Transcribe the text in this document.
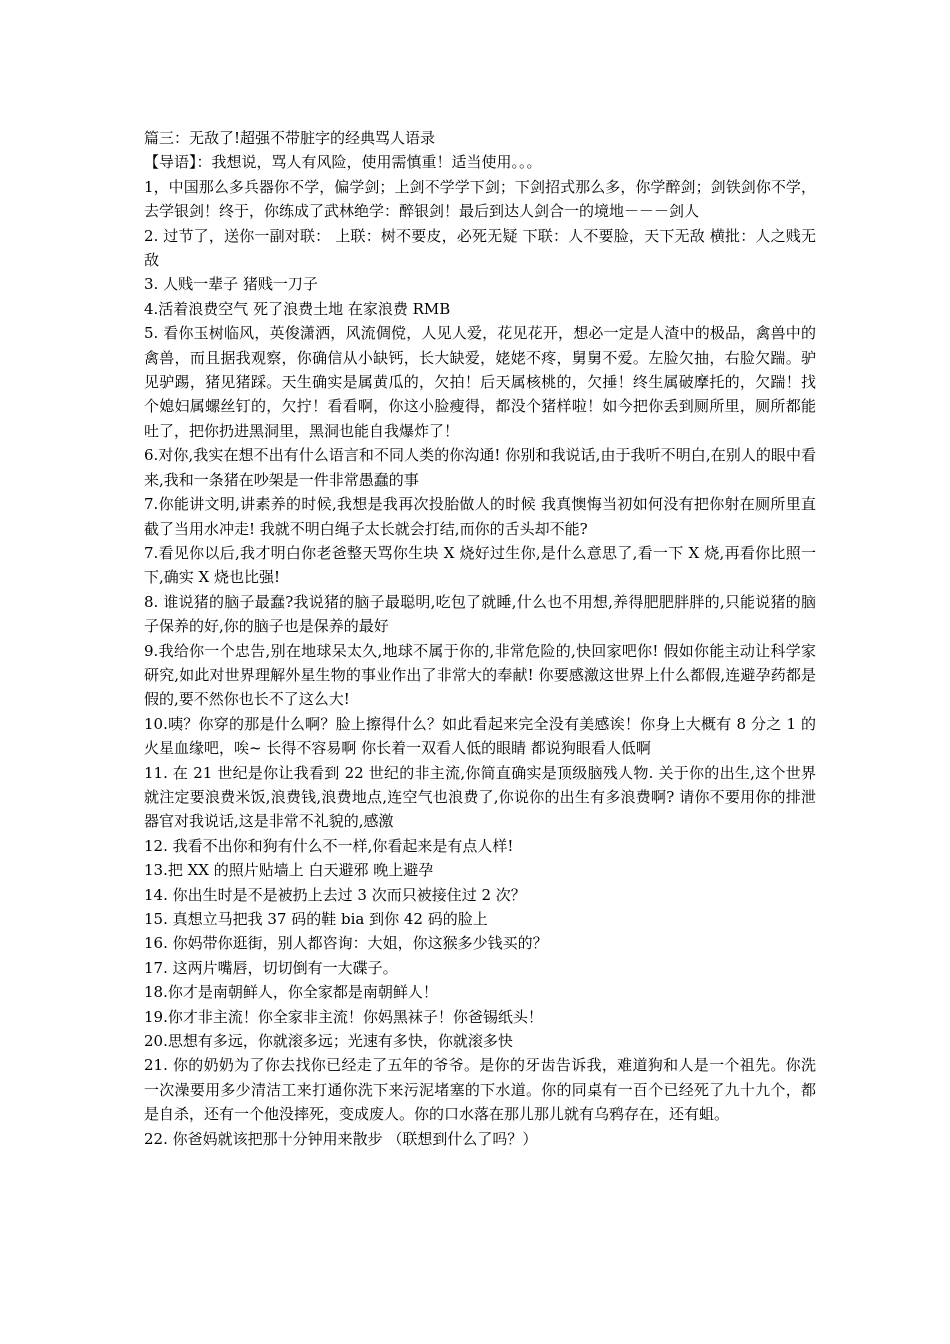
篇三：无敌了!超强不带脏字的经典骂人语录

【导语】：我想说，骂人有风险，使用需慎重！适当使用。。。

1，中国那么多兵器你不学，偏学剑；上剑不学学下剑；下剑招式那么多，你学醉剑；剑铁剑你不学，去学银剑！终于，你练成了武林绝学：醉银剑！最后到达人剑合一的境地－－－剑人

2. 过节了，送你一副对联： 上联：树不要皮，必死无疑 下联：人不要脸，天下无敌 横批：人之贱无敌

3. 人贱一辈子 猪贱一刀子

4.活着浪费空气 死了浪费土地 在家浪费 RMB

5. 看你玉树临风，英俊潇洒，风流倜傥，人见人爱，花见花开，想必一定是人渣中的极品，禽兽中的禽兽，而且据我观察，你确信从小缺钙，长大缺爱，姥姥不疼，舅舅不爱。左脸欠抽，右脸欠踹。驴见驴踢，猪见猪踩。天生确实是属黄瓜的，欠拍！后天属核桃的，欠捶！终生属破摩托的，欠踹！找个媳妇属螺丝钉的，欠拧！看看啊，你这小脸瘦得，都没个猪样啦！如今把你丢到厕所里，厕所都能吐了，把你扔进黑洞里，黑洞也能自我爆炸了！

6.对你,我实在想不出有什么语言和不同人类的你沟通! 你别和我说话,由于我听不明白,在别人的眼中看来,我和一条猪在吵架是一件非常愚蠢的事

7.你能讲文明,讲素养的时候,我想是我再次投胎做人的时候 我真懊悔当初如何没有把你射在厕所里直截了当用水冲走! 我就不明白绳子太长就会打结,而你的舌头却不能?

7.看见你以后,我才明白你老爸整天骂你生块 X 烧好过生你,是什么意思了,看一下 X 烧,再看你比照一下,确实 X 烧也比强!

8. 谁说猪的脑子最蠢?我说猪的脑子最聪明,吃包了就睡,什么也不用想,养得肥肥胖胖的,只能说猪的脑子保养的好,你的脑子也是保养的最好

9.我给你一个忠告,别在地球呆太久,地球不属于你的,非常危险的,快回家吧你! 假如你能主动让科学家研究,如此对世界理解外星生物的事业作出了非常大的奉献! 你要感激这世界上什么都假,连避孕药都是假的,要不然你也长不了这么大!

10.咦？你穿的那是什么啊？脸上擦得什么？如此看起来完全没有美感诶！你身上大概有 8 分之 1 的火星血缘吧，唉~ 长得不容易啊 你长着一双看人低的眼睛 都说狗眼看人低啊

11. 在 21 世纪是你让我看到 22 世纪的非主流,你简直确实是顶级脑残人物. 关于你的出生,这个世界就注定要浪费米饭,浪费钱,浪费地点,连空气也浪费了,你说你的出生有多浪费啊? 请你不要用你的排泄器官对我说话,这是非常不礼貌的,感激

12. 我看不出你和狗有什么不一样,你看起来是有点人样!

13.把 XX 的照片贴墙上 白天避邪 晚上避孕

14. 你出生时是不是被扔上去过 3 次而只被接住过 2 次？

15. 真想立马把我 37 码的鞋 bia 到你 42 码的脸上

16. 你妈带你逛街，别人都咨询：大姐，你这猴多少钱买的？

17. 这两片嘴唇，切切倒有一大碟子。

18.你才是南朝鲜人，你全家都是南朝鲜人！

19.你才非主流！你全家非主流！你妈黑袜子！你爸锡纸头！

20.思想有多远，你就滚多远；光速有多快，你就滚多快

21. 你的奶奶为了你去找你已经走了五年的爷爷。是你的牙齿告诉我，难道狗和人是一个祖先。你洗一次澡要用多少清洁工来打通你洗下来污泥堵塞的下水道。你的同桌有一百个已经死了九十九个，都是自杀，还有一个他没摔死，变成废人。你的口水落在那儿那儿就有乌鸦存在，还有蛆。

22. 你爸妈就该把那十分钟用来散步 （联想到什么了吗？）
